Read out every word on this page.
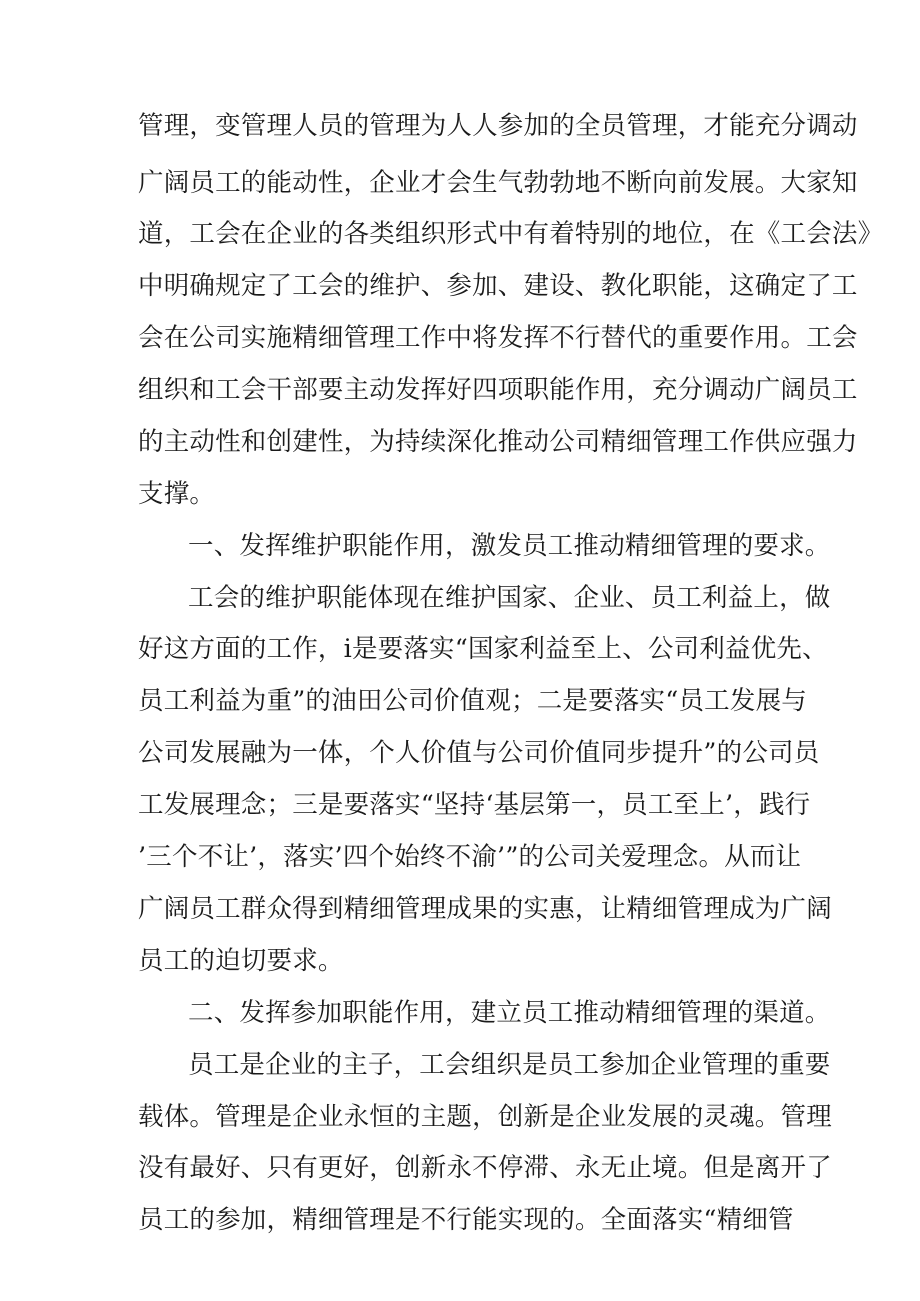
管理，变管理人员的管理为人人参加的全员管理，才能充分调动

广阔员工的能动性，企业才会生气勃勃地不断向前发展。大家知

道，工会在企业的各类组织形式中有着特别的地位，在《工会法》

中明确规定了工会的维护、参加、建设、教化职能，这确定了工

会在公司实施精细管理工作中将发挥不行替代的重要作用。工会

组织和工会干部要主动发挥好四项职能作用，充分调动广阔员工

的主动性和创建性，为持续深化推动公司精细管理工作供应强力

支撑。

一、发挥维护职能作用，激发员工推动精细管理的要求。

工会的维护职能体现在维护国家、企业、员工利益上，做

好这方面的工作，i是要落实“国家利益至上、公司利益优先、

员工利益为重”的油田公司价值观；二是要落实“员工发展与

公司发展融为一体，个人价值与公司价值同步提升”的公司员

工发展理念；三是要落实“坚持‘基层第一，员工至上’，践行

’三个不让’，落实’四个始终不渝’”的公司关爱理念。从而让

广阔员工群众得到精细管理成果的实惠，让精细管理成为广阔

员工的迫切要求。

二、发挥参加职能作用，建立员工推动精细管理的渠道。

员工是企业的主子，工会组织是员工参加企业管理的重要

载体。管理是企业永恒的主题，创新是企业发展的灵魂。管理

没有最好、只有更好，创新永不停滞、永无止境。但是离开了

员工的参加，精细管理是不行能实现的。全面落实“精细管
